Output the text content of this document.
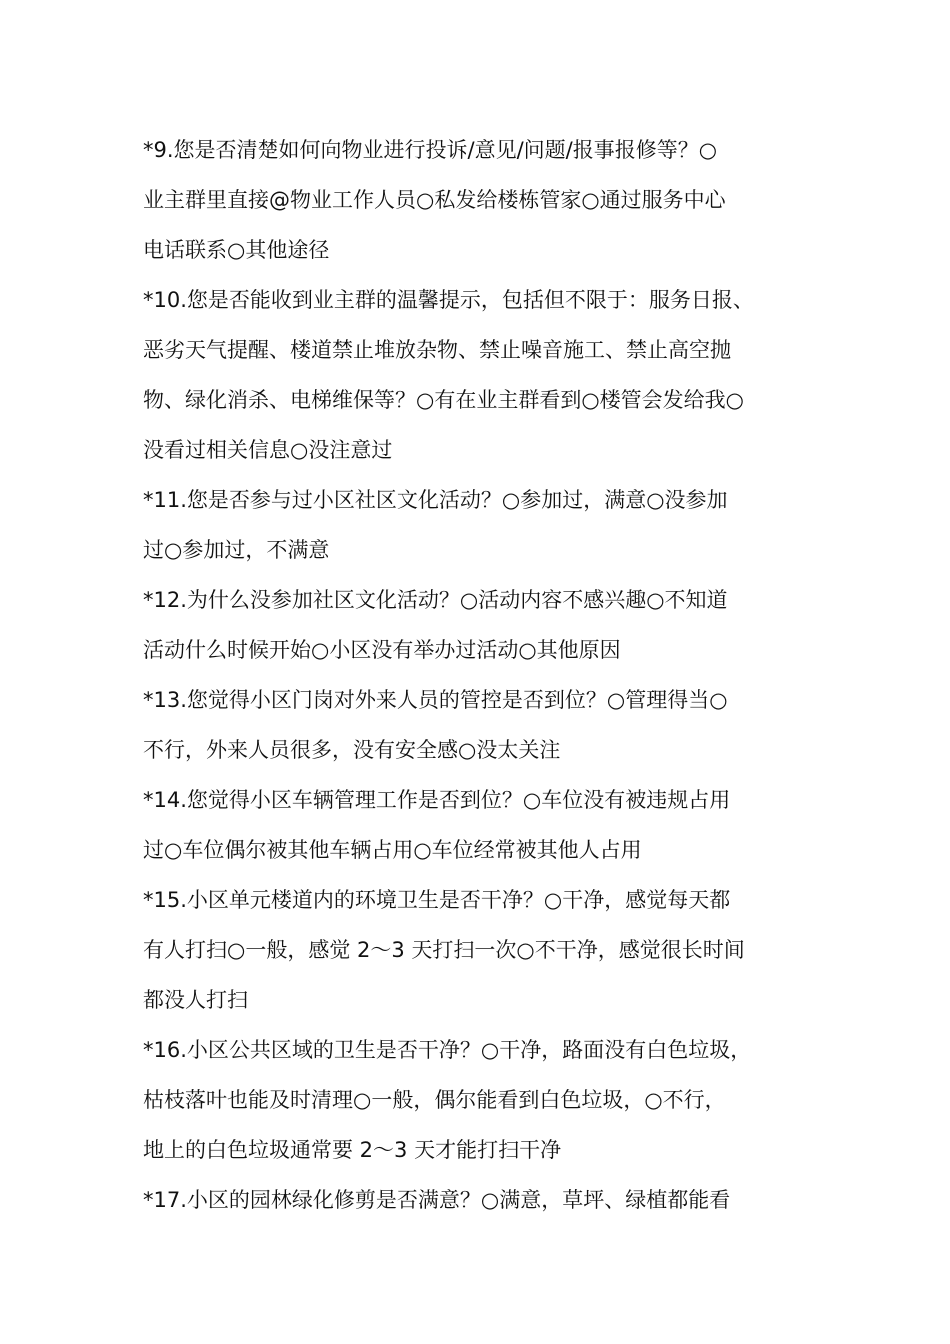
*9.您是否清楚如何向物业进行投诉/意见/问题/报事报修等？○
业主群里直接@物业工作人员○私发给楼栋管家○通过服务中心
电话联系○其他途径
*10.您是否能收到业主群的温馨提示，包括但不限于：服务日报、
恶劣天气提醒、楼道禁止堆放杂物、禁止噪音施工、禁止高空抛
物、绿化消杀、电梯维保等？○有在业主群看到○楼管会发给我○
没看过相关信息○没注意过
*11.您是否参与过小区社区文化活动？○参加过，满意○没参加
过○参加过，不满意
*12.为什么没参加社区文化活动？○活动内容不感兴趣○不知道
活动什么时候开始○小区没有举办过活动○其他原因
*13.您觉得小区门岗对外来人员的管控是否到位？○管理得当○
不行，外来人员很多，没有安全感○没太关注
*14.您觉得小区车辆管理工作是否到位？○车位没有被违规占用
过○车位偶尔被其他车辆占用○车位经常被其他人占用
*15.小区单元楼道内的环境卫生是否干净？○干净，感觉每天都
有人打扫○一般，感觉 2～3 天打扫一次○不干净，感觉很长时间
都没人打扫
*16.小区公共区域的卫生是否干净？○干净，路面没有白色垃圾，
枯枝落叶也能及时清理○一般，偶尔能看到白色垃圾，○不行，
地上的白色垃圾通常要 2～3 天才能打扫干净
*17.小区的园林绿化修剪是否满意？○满意，草坪、绿植都能看
